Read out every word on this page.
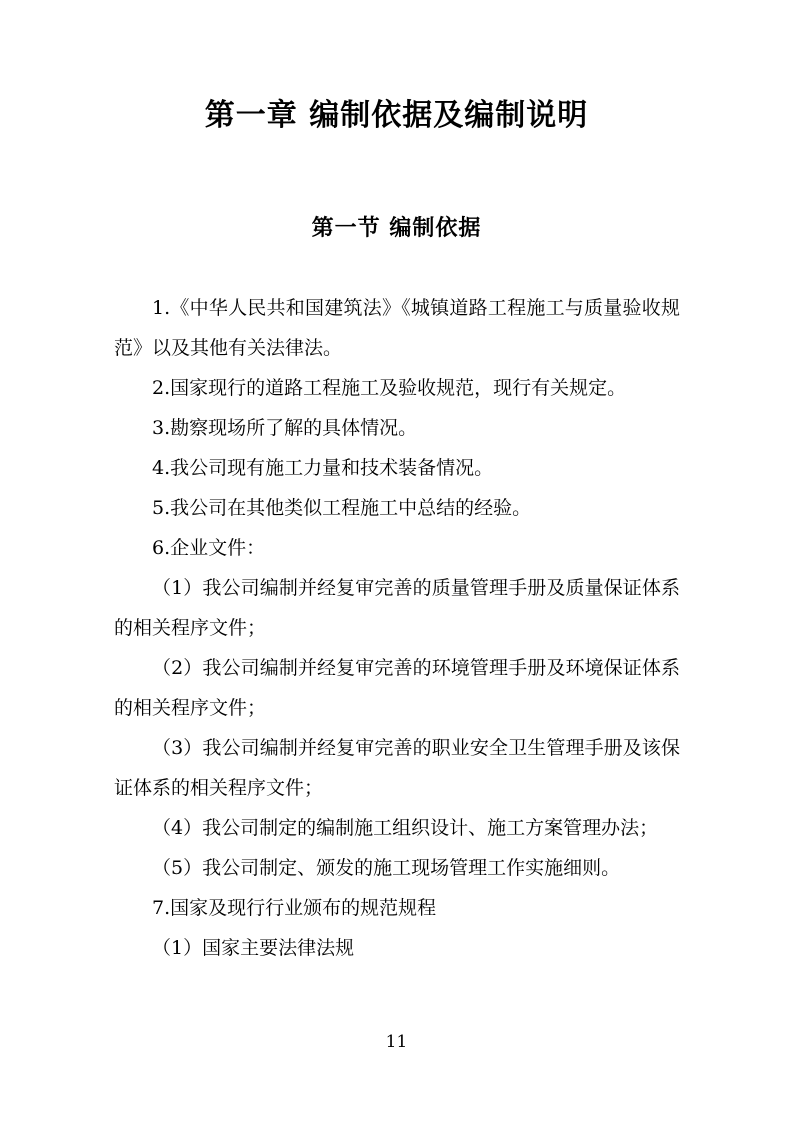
第一章 编制依据及编制说明
第一节 编制依据

1.《中华人民共和国建筑法》《城镇道路工程施工与质量验收规范》以及其他有关法律法。

2.国家现行的道路工程施工及验收规范，现行有关规定。

3.勘察现场所了解的具体情况。

4.我公司现有施工力量和技术装备情况。

5.我公司在其他类似工程施工中总结的经验。

6.企业文件：

（1）我公司编制并经复审完善的质量管理手册及质量保证体系的相关程序文件；

（2）我公司编制并经复审完善的环境管理手册及环境保证体系的相关程序文件；

（3）我公司编制并经复审完善的职业安全卫生管理手册及该保证体系的相关程序文件；

（4）我公司制定的编制施工组织设计、施工方案管理办法；

（5）我公司制定、颁发的施工现场管理工作实施细则。

7.国家及现行行业颁布的规范规程

（1）国家主要法律法规

11
